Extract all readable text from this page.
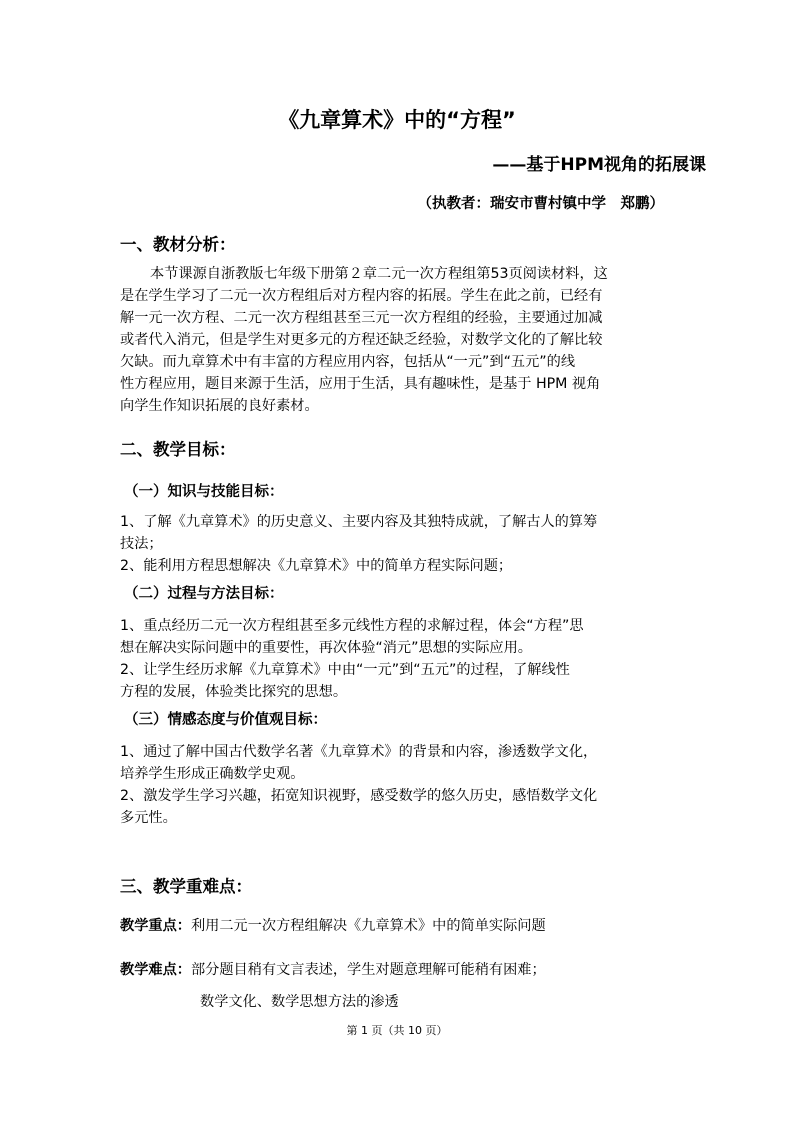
《九章算术》中的“方程”
——基于HPM视角的拓展课
（执教者：瑞安市曹村镇中学　郑鹏）
一、教材分析：
本节课源自浙教版七年级下册第２章二元一次方程组第53页阅读材料，这
是在学生学习了二元一次方程组后对方程内容的拓展。学生在此之前，已经有
解一元一次方程、二元一次方程组甚至三元一次方程组的经验，主要通过加减
或者代入消元，但是学生对更多元的方程还缺乏经验，对数学文化的了解比较
欠缺。而九章算术中有丰富的方程应用内容，包括从“一元”到“五元”的线
性方程应用，题目来源于生活，应用于生活，具有趣味性，是基于 HPM 视角
向学生作知识拓展的良好素材。
二、教学目标：
（一）知识与技能目标：
1、了解《九章算术》的历史意义、主要内容及其独特成就，了解古人的算筹
技法；
2、能利用方程思想解决《九章算术》中的简单方程实际问题；
（二）过程与方法目标：
1、重点经历二元一次方程组甚至多元线性方程的求解过程，体会“方程”思
想在解决实际问题中的重要性，再次体验“消元”思想的实际应用。
2、让学生经历求解《九章算术》中由“一元”到“五元”的过程，了解线性
方程的发展，体验类比探究的思想。
（三）情感态度与价值观目标：
1、通过了解中国古代数学名著《九章算术》的背景和内容，渗透数学文化，
培养学生形成正确数学史观。
2、激发学生学习兴趣，拓宽知识视野，感受数学的悠久历史，感悟数学文化
多元性。
三、教学重难点：
教学重点：利用二元一次方程组解决《九章算术》中的简单实际问题
教学难点：部分题目稍有文言表述，学生对题意理解可能稍有困难；
数学文化、数学思想方法的渗透
第 1 页（共 10 页）
